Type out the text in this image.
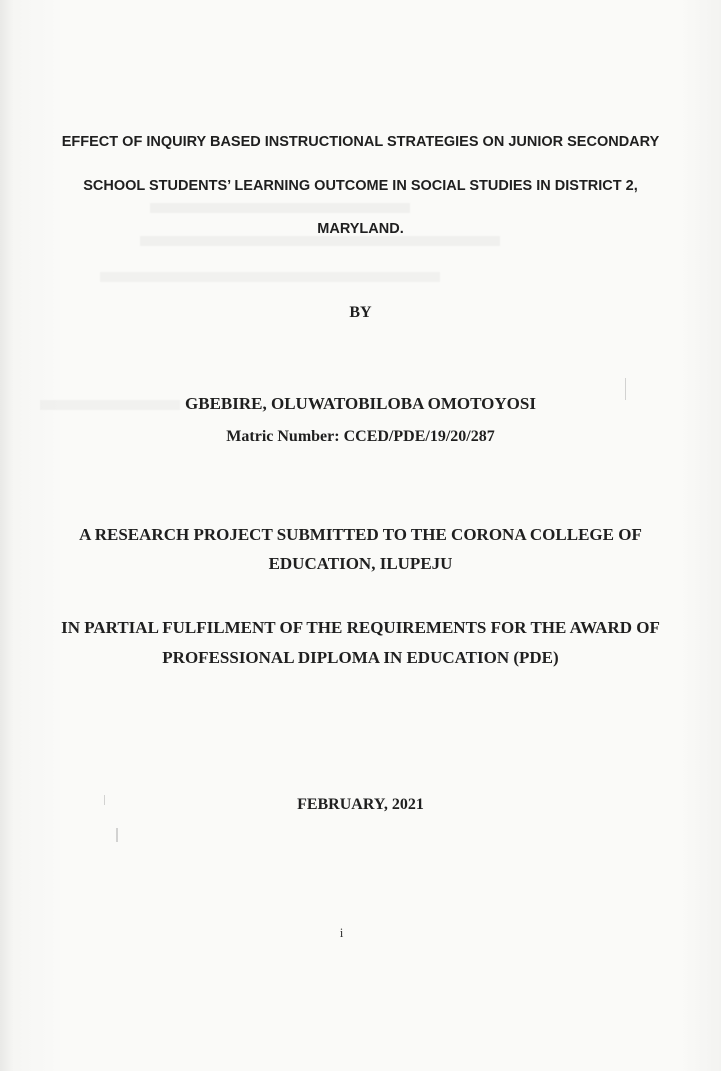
EFFECT OF INQUIRY BASED INSTRUCTIONAL STRATEGIES ON JUNIOR SECONDARY
SCHOOL STUDENTS’ LEARNING OUTCOME IN SOCIAL STUDIES IN DISTRICT 2,
MARYLAND.
BY
GBEBIRE, OLUWATOBILOBA OMOTOYOSI
Matric Number: CCED/PDE/19/20/287
A RESEARCH PROJECT SUBMITTED TO THE CORONA COLLEGE OF
EDUCATION, ILUPEJU
IN PARTIAL FULFILMENT OF THE REQUIREMENTS FOR THE AWARD OF
PROFESSIONAL DIPLOMA IN EDUCATION (PDE)
FEBRUARY, 2021
i
